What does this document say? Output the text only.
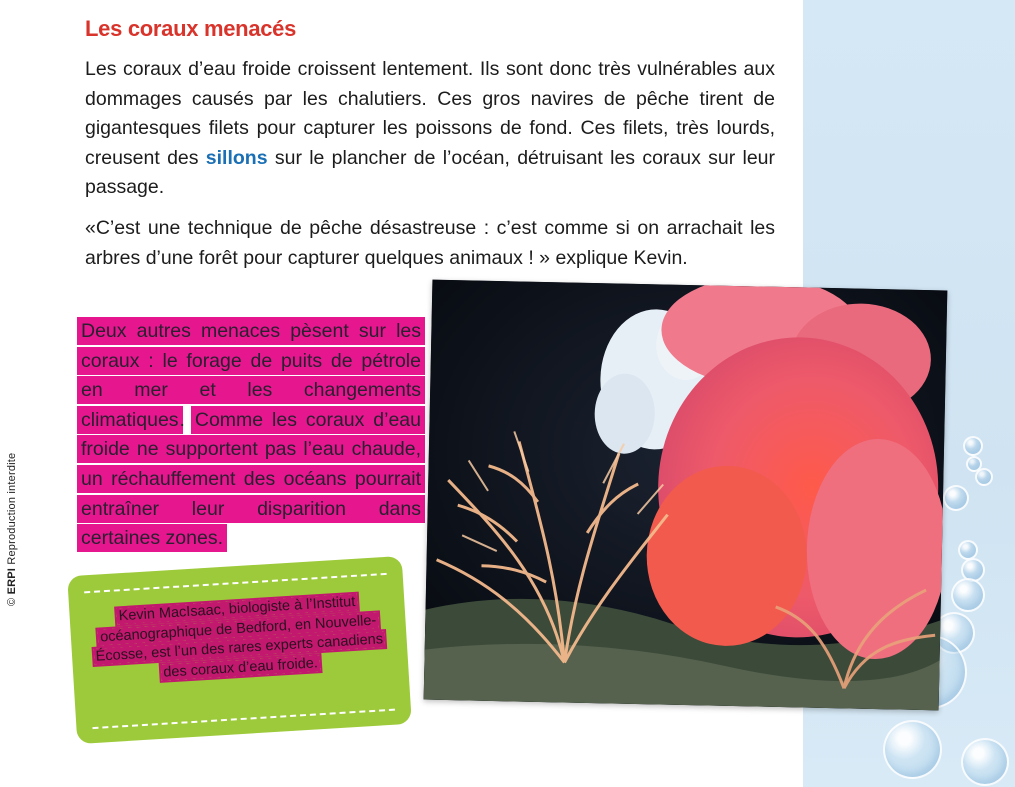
© ERPI Reproduction interdite
Les coraux menacés
Les coraux d’eau froide croissent lentement. Ils sont donc très vulnérables aux dommages causés par les chalutiers. Ces gros navires de pêche tirent de gigantesques filets pour capturer les poissons de fond. Ces filets, très lourds, creusent des sillons sur le plancher de l’océan, détruisant les coraux sur leur passage.
«C’est une technique de pêche désastreuse : c’est comme si on arrachait les arbres d’une forêt pour capturer quelques animaux ! » explique Kevin.
Deux autres menaces pèsent sur les coraux : le forage de puits de pétrole en mer et les changements climatiques. Comme les coraux d’eau froide ne supportent pas l’eau chaude, un réchauffement des océans pourrait entraîner leur disparition dans certaines zones.
Kevin MacIsaac, biologiste à l’Institut océanographique de Bedford, en Nouvelle-Écosse, est l’un des rares experts canadiens des coraux d’eau froide.
